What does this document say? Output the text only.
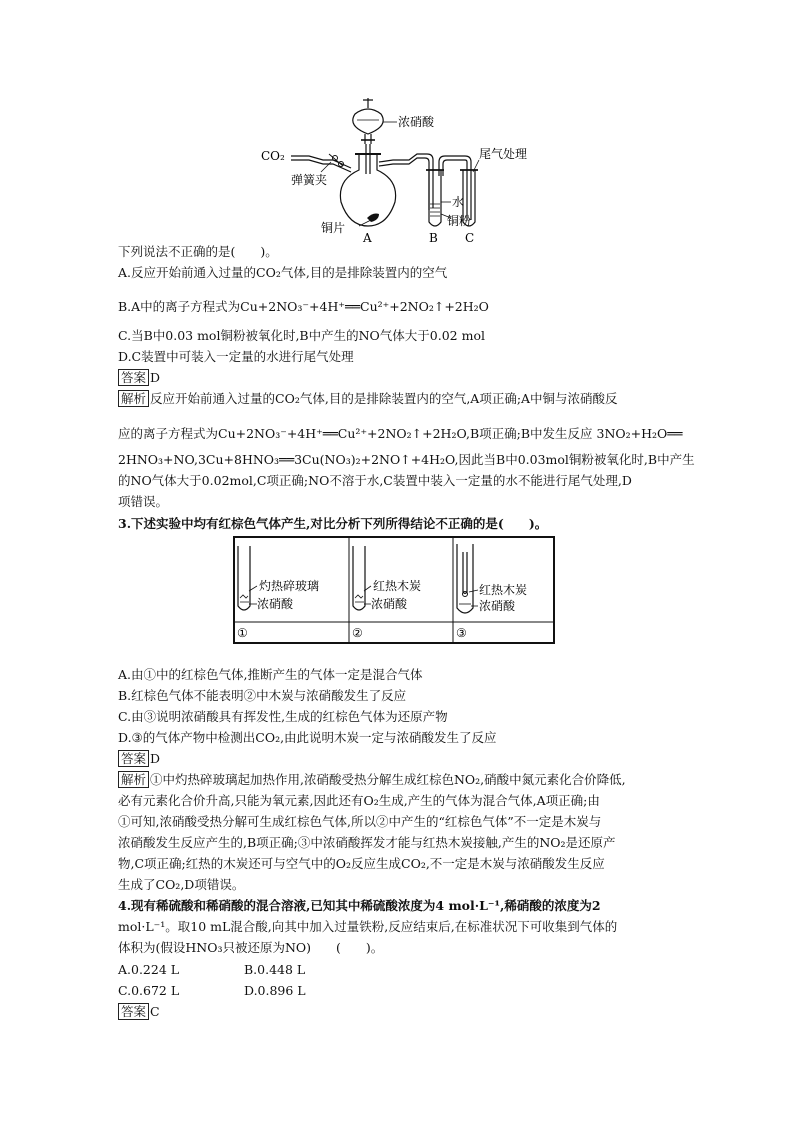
浓硝酸
CO₂
弹簧夹
水
铜粉
尾气处理
铜片
A	B C
下列说法不正确的是(　　)。
A.反应开始前通入过量的CO₂气体,目的是排除装置内的空气
B.A中的离子方程式为Cu+2NO₃⁻+4H⁺══Cu²⁺+2NO₂↑+2H₂O
C.当B中0.03 mol铜粉被氧化时,B中产生的NO气体大于0.02 mol
D.C装置中可装入一定量的水进行尾气处理
答案 D
解析 反应开始前通入过量的CO₂气体,目的是排除装置内的空气,A项正确;A中铜与浓硝酸反
应的离子方程式为Cu+2NO₃⁻+4H⁺══Cu²⁺+2NO₂↑+2H₂O,B项正确;B中发生反应 3NO₂+H₂O══
2HNO₃+NO,3Cu+8HNO₃══3Cu(NO₃)₂+2NO↑+4H₂O,因此当B中0.03mol铜粉被氧化时,B中产生
的NO气体大于0.02mol,C项正确;NO不溶于水,C装置中装入一定量的水不能进行尾气处理,D
项错误。
3.下述实验中均有红棕色气体产生,对比分析下列所得结论不正确的是(　　)。
灼热碎玻璃
浓硝酸
①
红热木炭
浓硝酸
②
红热木炭
浓硝酸
③
A.由①中的红棕色气体,推断产生的气体一定是混合气体
B.红棕色气体不能表明②中木炭与浓硝酸发生了反应
C.由③说明浓硝酸具有挥发性,生成的红棕色气体为还原产物
D.③的气体产物中检测出CO₂,由此说明木炭一定与浓硝酸发生了反应
答案 D
解析 ①中灼热碎玻璃起加热作用,浓硝酸受热分解生成红棕色NO₂,硝酸中氮元素化合价降低,
必有元素化合价升高,只能为氧元素,因此还有O₂生成,产生的气体为混合气体,A项正确;由
①可知,浓硝酸受热分解可生成红棕色气体,所以②中产生的“红棕色气体”不一定是木炭与
浓硝酸发生反应产生的,B项正确;③中浓硝酸挥发才能与红热木炭接触,产生的NO₂是还原产
物,C项正确;红热的木炭还可与空气中的O₂反应生成CO₂,不一定是木炭与浓硝酸发生反应
生成了CO₂,D项错误。
4.现有稀硫酸和稀硝酸的混合溶液,已知其中稀硫酸浓度为4 mol·L⁻¹,稀硝酸的浓度为2
mol·L⁻¹。取10 mL混合酸,向其中加入过量铁粉,反应结束后,在标准状况下可收集到气体的
体积为(假设HNO₃只被还原为NO)　　(　　)。
A.0.224 L	B.0.448 L
C.0.672 L	D.0.896 L
答案 C
